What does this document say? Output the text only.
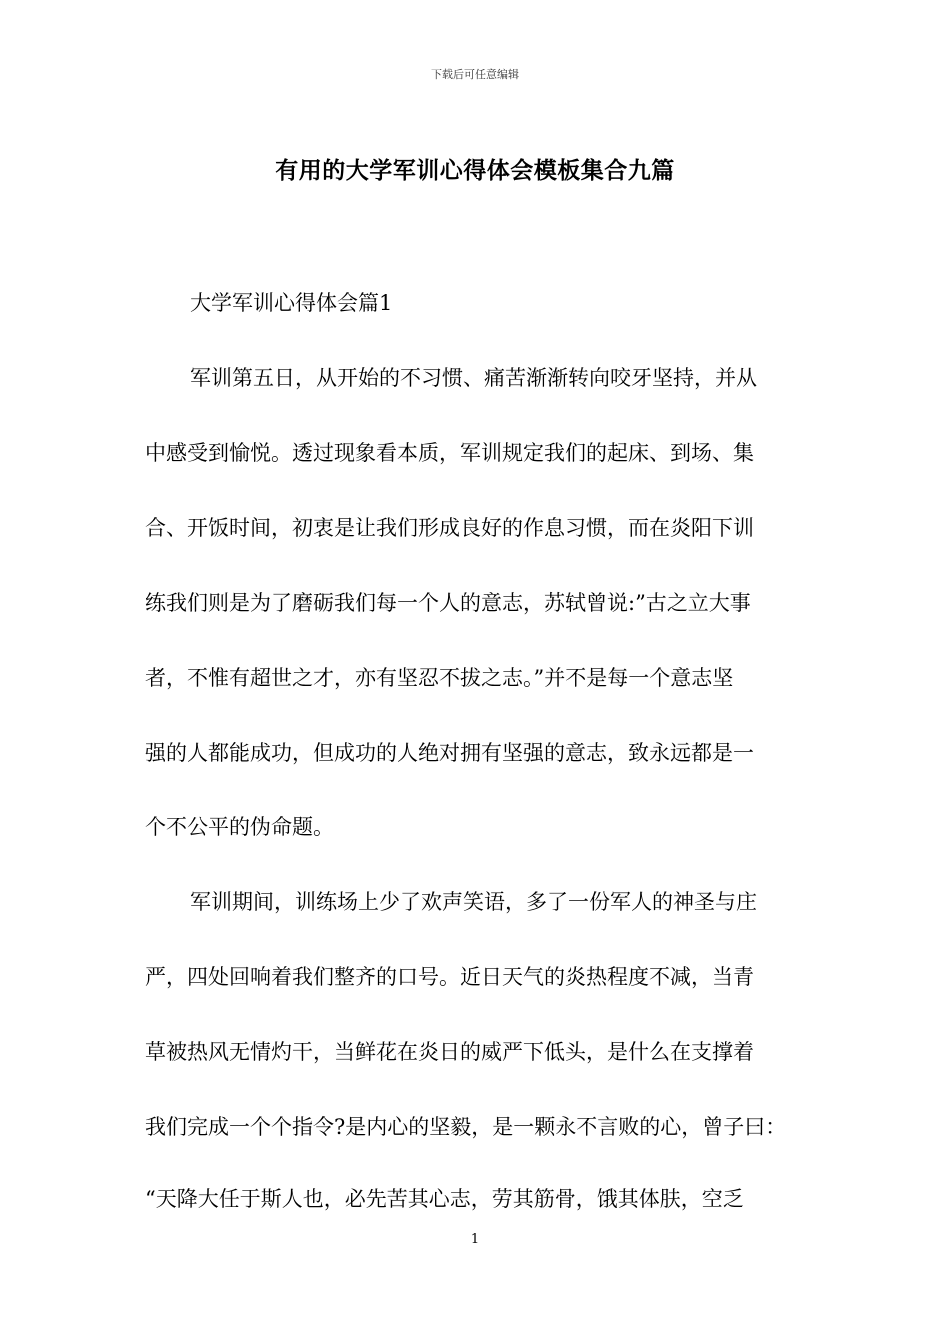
下载后可任意编辑
有用的大学军训心得体会模板集合九篇
大学军训心得体会篇1
军训第五日，从开始的不习惯、痛苦渐渐转向咬牙坚持，并从
中感受到愉悦。透过现象看本质，军训规定我们的起床、到场、集
合、开饭时间，初衷是让我们形成良好的作息习惯，而在炎阳下训
练我们则是为了磨砺我们每一个人的意志，苏轼曾说:”古之立大事
者，不惟有超世之才，亦有坚忍不拔之志。”并不是每一个意志坚
强的人都能成功，但成功的人绝对拥有坚强的意志，致永远都是一
个不公平的伪命题。
军训期间，训练场上少了欢声笑语，多了一份军人的神圣与庄
严，四处回响着我们整齐的口号。近日天气的炎热程度不减，当青
草被热风无情灼干，当鲜花在炎日的威严下低头，是什么在支撑着
我们完成一个个指令?是内心的坚毅，是一颗永不言败的心，曾子曰：
“天降大任于斯人也，必先苦其心志，劳其筋骨，饿其体肤，空乏
1
